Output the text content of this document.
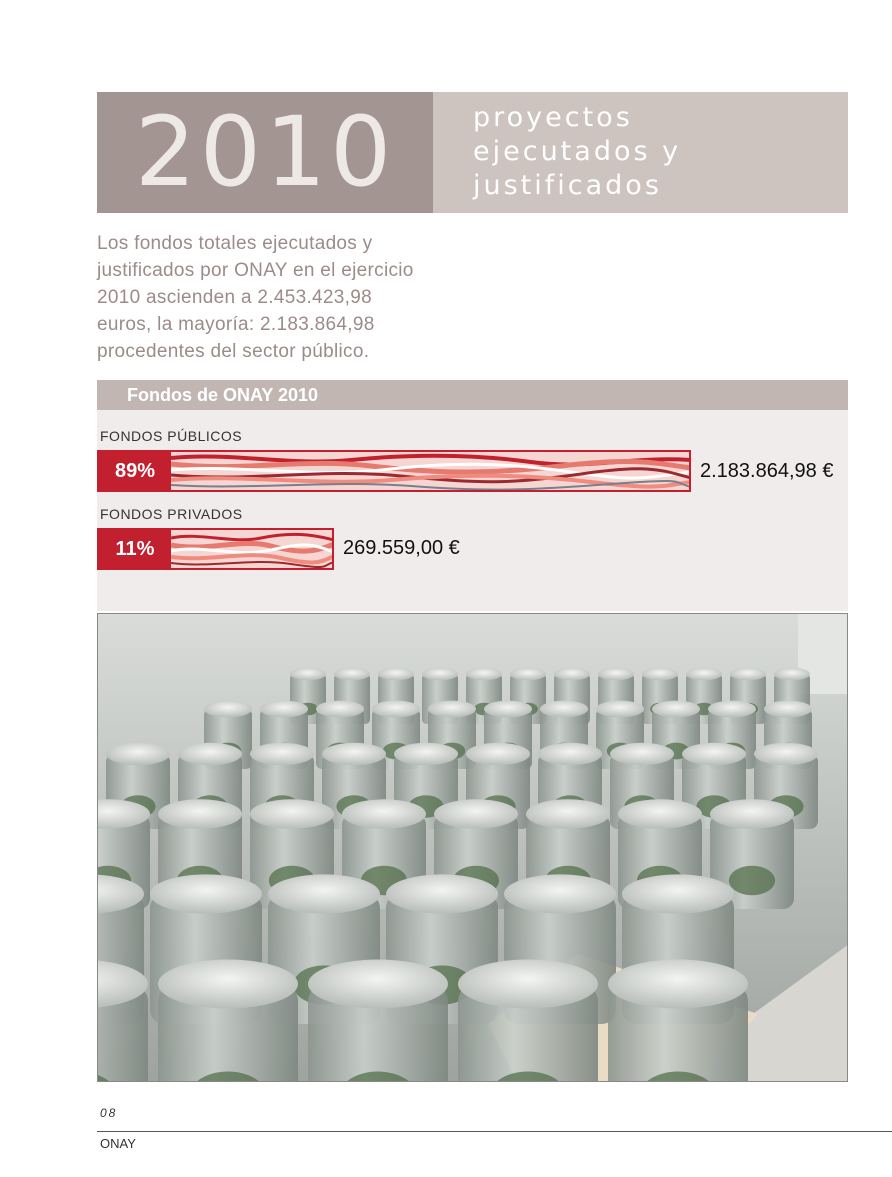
2010	proyectos
ejecutados y
justificados

Los fondos totales ejecutados y

justificados por ONAY en el ejercicio

2010 ascienden a 2.453.423,98

euros, la mayoría: 2.183.864,98

procedentes del sector público.

Fondos de ONAY 2010
FONDOS PÚBLICOS
89%	2.183.864,98 €
FONDOS PRIVADOS
11%	269.559,00 €
08
ONAY
